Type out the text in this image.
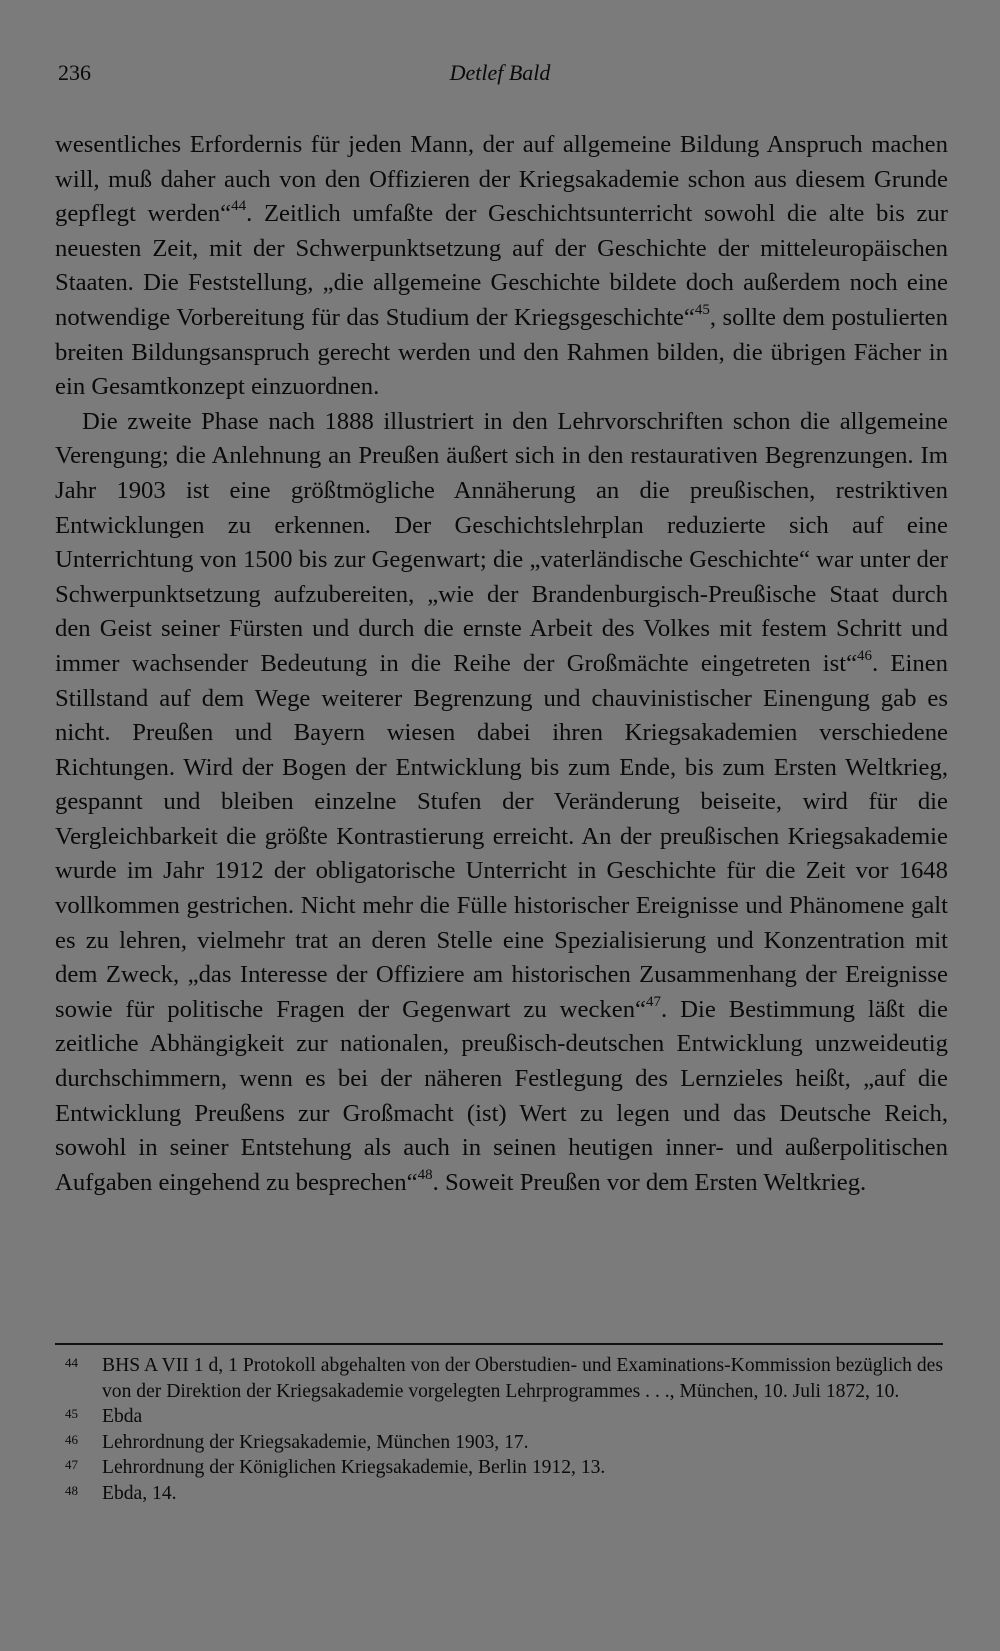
236	Detlef Bald

wesentliches Erfordernis für jeden Mann, der auf allgemeine Bildung Anspruch machen will, muß daher auch von den Offizieren der Kriegsakademie schon aus diesem Grunde gepflegt werden“$^{44}$. Zeitlich umfaßte der Geschichtsunterricht sowohl die alte bis zur neuesten Zeit, mit der Schwerpunktsetzung auf der Geschichte der mitteleuropäischen Staaten. Die Feststellung, „die allgemeine Geschichte bildete doch außerdem noch eine notwendige Vorbereitung für das Studium der Kriegsgeschichte“$^{45}$, sollte dem postulierten breiten Bildungsanspruch gerecht werden und den Rahmen bilden, die übrigen Fächer in ein Gesamtkonzept einzuordnen.

Die zweite Phase nach 1888 illustriert in den Lehrvorschriften schon die allgemeine Verengung; die Anlehnung an Preußen äußert sich in den restaurativen Begrenzungen. Im Jahr 1903 ist eine größtmögliche Annäherung an die preußischen, restriktiven Entwicklungen zu erkennen. Der Geschichtslehrplan reduzierte sich auf eine Unterrichtung von 1500 bis zur Gegenwart; die „vaterländische Geschichte“ war unter der Schwerpunktsetzung aufzubereiten, „wie der Brandenburgisch-Preußische Staat durch den Geist seiner Fürsten und durch die ernste Arbeit des Volkes mit festem Schritt und immer wachsender Bedeutung in die Reihe der Großmächte eingetreten ist“$^{46}$. Einen Stillstand auf dem Wege weiterer Begrenzung und chauvinistischer Einengung gab es nicht. Preußen und Bayern wiesen dabei ihren Kriegsakademien verschiedene Richtungen. Wird der Bogen der Entwicklung bis zum Ende, bis zum Ersten Weltkrieg, gespannt und bleiben einzelne Stufen der Veränderung beiseite, wird für die Vergleichbarkeit die größte Kontrastierung erreicht. An der preußischen Kriegsakademie wurde im Jahr 1912 der obligatorische Unterricht in Geschichte für die Zeit vor 1648 vollkommen gestrichen. Nicht mehr die Fülle historischer Ereignisse und Phänomene galt es zu lehren, vielmehr trat an deren Stelle eine Spezialisierung und Konzentration mit dem Zweck, „das Interesse der Offiziere am historischen Zusammenhang der Ereignisse sowie für politische Fragen der Gegenwart zu wecken“$^{47}$. Die Bestimmung läßt die zeitliche Abhängigkeit zur nationalen, preußisch-deutschen Entwicklung unzweideutig durchschimmern, wenn es bei der näheren Festlegung des Lernzieles heißt, „auf die Entwicklung Preußens zur Großmacht (ist) Wert zu legen und das Deutsche Reich, sowohl in seiner Entstehung als auch in seinen heutigen inner- und außerpolitischen Aufgaben eingehend zu besprechen“$^{48}$. Soweit Preußen vor dem Ersten Weltkrieg.

44 BHS A VII 1 d, 1 Protokoll abgehalten von der Oberstudien- und Examinations-Kommission bezüglich des von der Direktion der Kriegsakademie vorgelegten Lehrprogrammes . . ., München, 10. Juli 1872, 10.
45 Ebda
46 Lehrordnung der Kriegsakademie, München 1903, 17.
47 Lehrordnung der Königlichen Kriegsakademie, Berlin 1912, 13.
48 Ebda, 14.
